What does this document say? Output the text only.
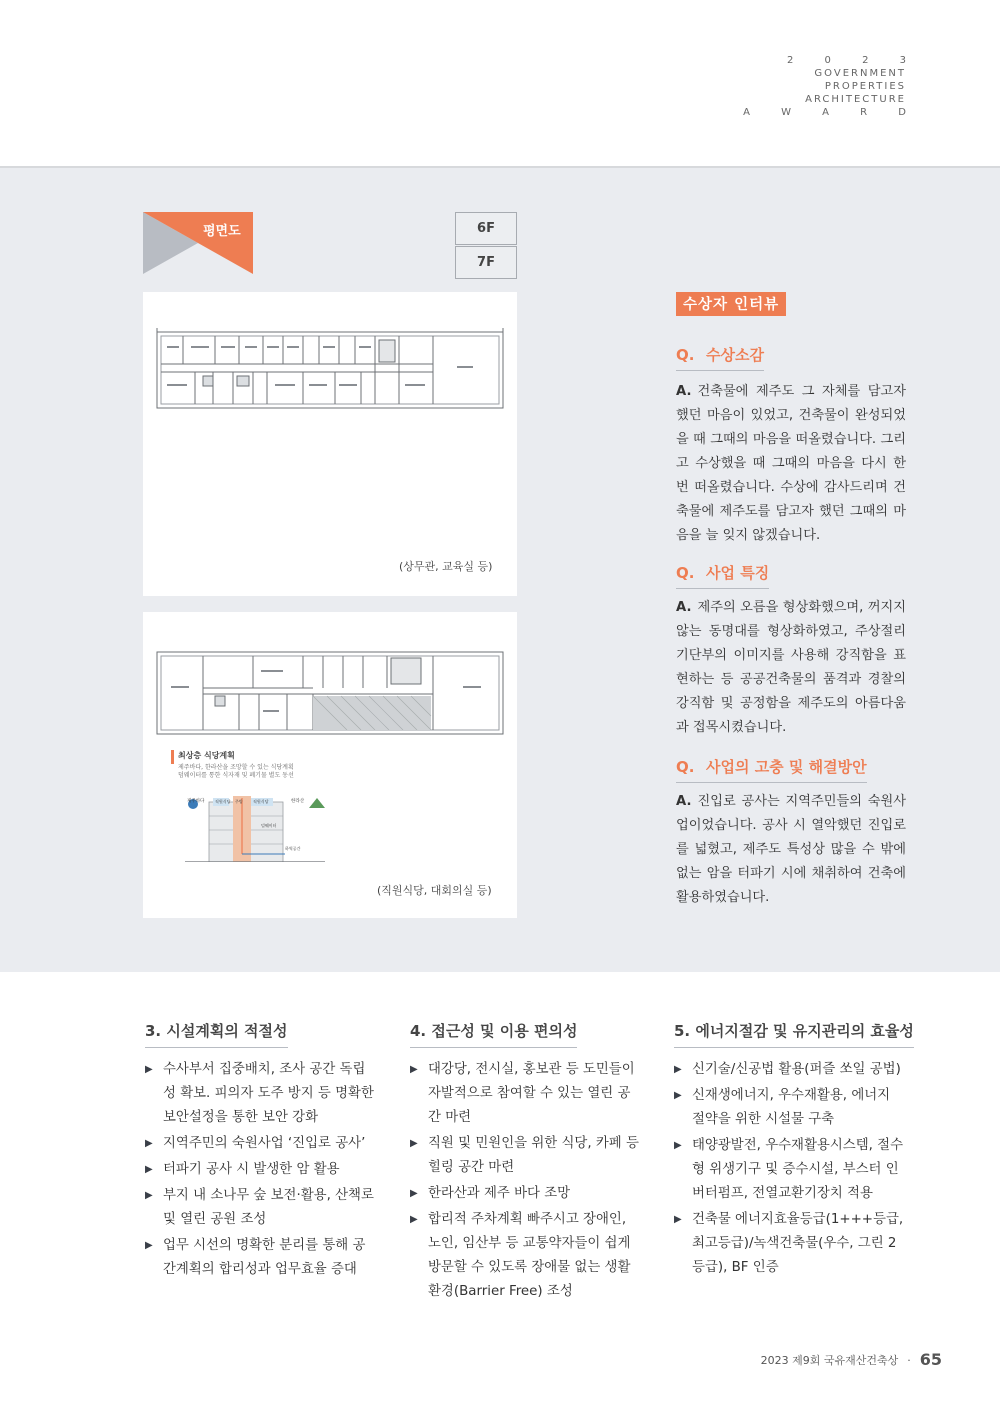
2 0 2 3
GOVERNMENT
PROPERTIES
ARCHITECTURE
A W A R D
평면도	6F
7F
(상무관, 교육실 등)
최상층 식당계획
제주바다, 한라산을 조망할 수 있는 식당계획
덤웨이터를 통한 식자재 및 폐기물 별도 동선
제주바다	한라산
직원식당 주방	직원식당
덤웨이터
하역공간
(직원식당, 대회의실 등)
수상자 인터뷰
Q. 수상소감

A. 건축물에 제주도 그 자체를 담고자 했던 마음이 있었고, 건축물이 완성되었을 때 그때의 마음을 떠올렸습니다. 그리고 수상했을 때 그때의 마음을 다시 한 번 떠올렸습니다. 수상에 감사드리며 건축물에 제주도를 담고자 했던 그때의 마음을 늘 잊지 않겠습니다.

Q. 사업 특징

A. 제주의 오름을 형상화했으며, 꺼지지 않는 동명대를 형상화하였고, 주상절리 기단부의 이미지를 사용해 강직함을 표현하는 등 공공건축물의 품격과 경찰의 강직함 및 공정함을 제주도의 아름다움과 접목시켰습니다.

Q. 사업의 고충 및 해결방안

A. 진입로 공사는 지역주민들의 숙원사업이었습니다. 공사 시 열악했던 진입로를 넓혔고, 제주도 특성상 많을 수 밖에 없는 암을 터파기 시에 채취하여 건축에 활용하였습니다.

3. 시설계획의 적절성
▶ 수사부서 집중배치, 조사 공간 독립성 확보. 피의자 도주 방지 등 명확한 보안설정을 통한 보안 강화
▶ 지역주민의 숙원사업 ‘진입로 공사’
▶ 터파기 공사 시 발생한 암 활용
▶ 부지 내 소나무 숲 보전·활용, 산책로 및 열린 공원 조성
▶ 업무 시선의 명확한 분리를 통해 공간계획의 합리성과 업무효율 증대
4. 접근성 및 이용 편의성
▶ 대강당, 전시실, 홍보관 등 도민들이 자발적으로 참여할 수 있는 열린 공간 마련
▶ 직원 및 민원인을 위한 식당, 카페 등 힐링 공간 마련
▶ 한라산과 제주 바다 조망
▶ 합리적 주차계획 빠주시고 장애인, 노인, 임산부 등 교통약자들이 쉽게 방문할 수 있도록 장애물 없는 생활환경(Barrier Free) 조성
5. 에너지절감 및 유지관리의 효율성
▶ 신기술/신공법 활용(퍼즐 쏘일 공법)
▶ 신재생에너지, 우수재활용, 에너지 절약을 위한 시설물 구축
▶ 태양광발전, 우수재활용시스템, 절수형 위생기구 및 증수시설, 부스터 인버터펌프, 전열교환기장치 적용
▶ 건축물 에너지효율등급(1+++등급, 최고등급)/녹색건축물(우수, 그린 2등급), BF 인증
2023 제9회 국유재산건축상 · 65
